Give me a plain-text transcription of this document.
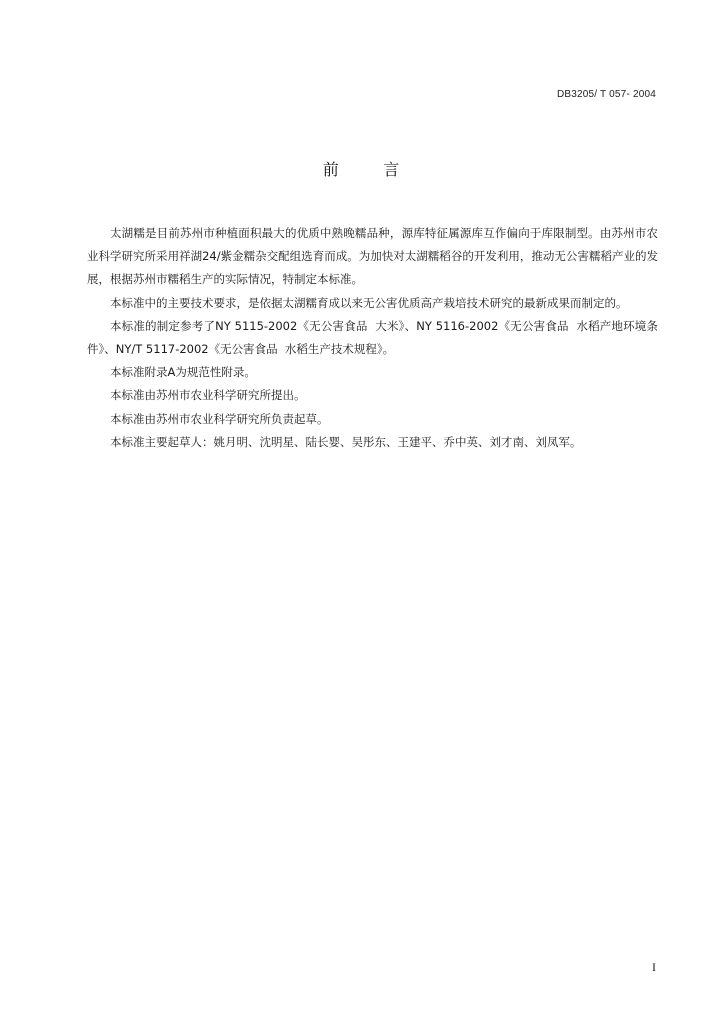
DB3205/ T 057- 2004
前      言

太湖糯是目前苏州市种植面积最大的优质中熟晚糯品种，源库特征属源库互作偏向于库限制型。由苏州市农业科学研究所采用祥湖24/紫金糯杂交配组选育而成。为加快对太湖糯稻谷的开发利用，推动无公害糯稻产业的发展，根据苏州市糯稻生产的实际情况，特制定本标准。

本标准中的主要技术要求，是依据太湖糯育成以来无公害优质高产栽培技术研究的最新成果而制定的。

本标准的制定参考了NY 5115-2002《无公害食品  大米》、NY 5116-2002《无公害食品  水稻产地环境条件》、NY/T 5117-2002《无公害食品  水稻生产技术规程》。

本标准附录A为规范性附录。

本标准由苏州市农业科学研究所提出。

本标准由苏州市农业科学研究所负责起草。

本标准主要起草人：姚月明、沈明星、陆长婴、吴彤东、王建平、乔中英、刘才南、刘凤军。

I
